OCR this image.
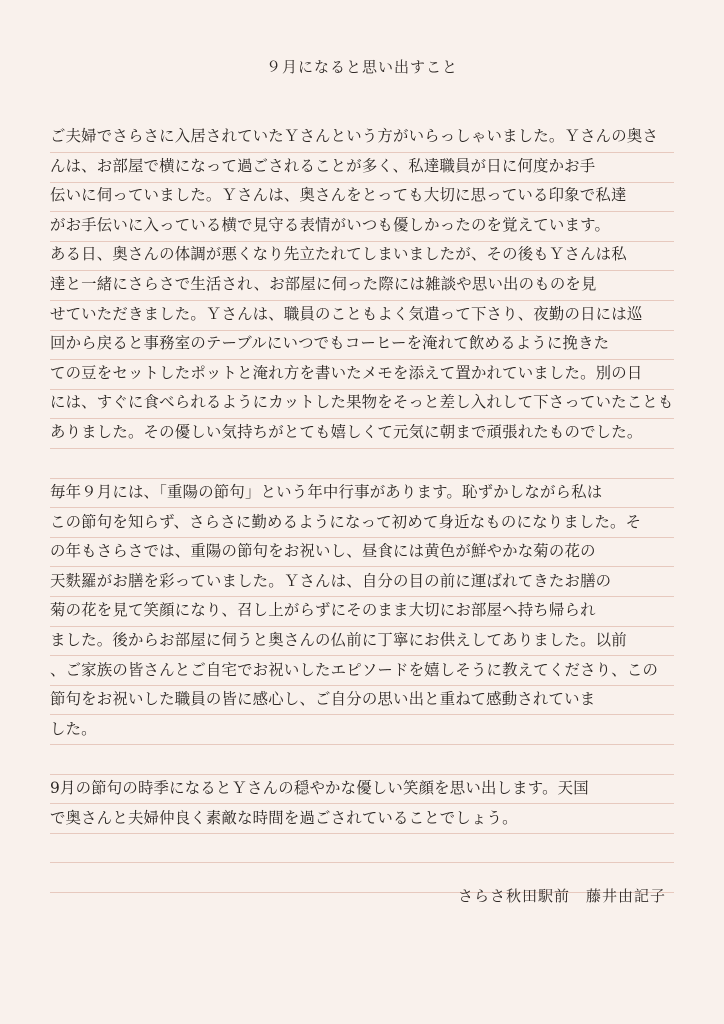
９月になると思い出すこと

ご夫婦でさらさに入居されていたＹさんという方がいらっしゃいました。Ｙさんの奥さ
んは、お部屋で横になって過ごされることが多く、私達職員が日に何度かお手
伝いに伺っていました。Ｙさんは、奥さんをとっても大切に思っている印象で私達
がお手伝いに入っている横で見守る表情がいつも優しかったのを覚えています。
ある日、奥さんの体調が悪くなり先立たれてしまいましたが、その後もＹさんは私
達と一緒にさらさで生活され、お部屋に伺った際には雑談や思い出のものを見
せていただきました。Ｙさんは、職員のこともよく気遣って下さり、夜勤の日には巡
回から戻ると事務室のテーブルにいつでもコーヒーを淹れて飲めるように挽きた
ての豆をセットしたポットと淹れ方を書いたメモを添えて置かれていました。別の日
には、すぐに食べられるようにカットした果物をそっと差し入れして下さっていたことも
ありました。その優しい気持ちがとても嬉しくて元気に朝まで頑張れたものでした。

毎年９月には、「重陽の節句」という年中行事があります。恥ずかしながら私は
この節句を知らず、さらさに勤めるようになって初めて身近なものになりました。そ
の年もさらさでは、重陽の節句をお祝いし、昼食には黄色が鮮やかな菊の花の
天麩羅がお膳を彩っていました。Ｙさんは、自分の目の前に運ばれてきたお膳の
菊の花を見て笑顔になり、召し上がらずにそのまま大切にお部屋へ持ち帰られ
ました。後からお部屋に伺うと奥さんの仏前に丁寧にお供えしてありました。以前
、ご家族の皆さんとご自宅でお祝いしたエピソードを嬉しそうに教えてくださり、この
節句をお祝いした職員の皆に感心し、ご自分の思い出と重ねて感動されていま
した。

9月の節句の時季になるとＹさんの穏やかな優しい笑顔を思い出します。天国
で奥さんと夫婦仲良く素敵な時間を過ごされていることでしょう。

さらさ秋田駅前　藤井由記子
